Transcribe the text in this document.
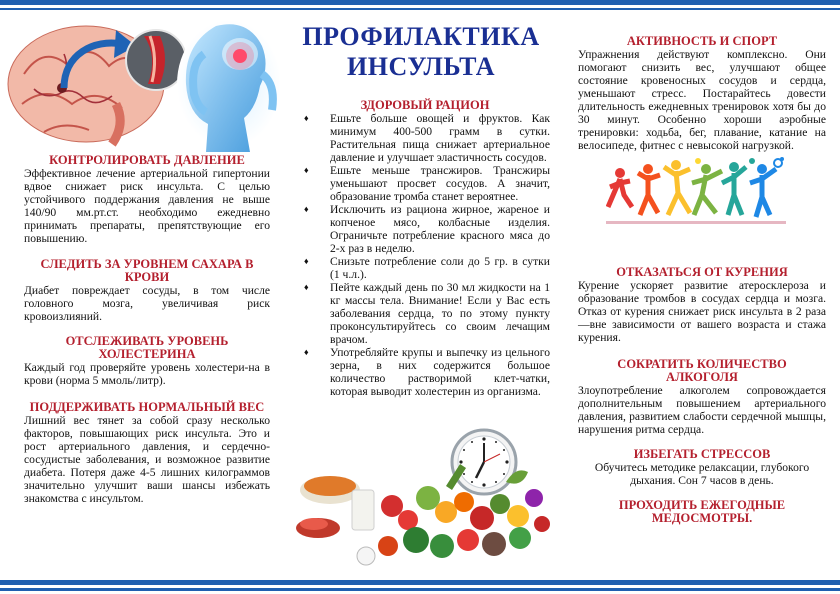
КОНТРОЛИРОВАТЬ ДАВЛЕНИЕ

Эффективное лечение артериальной гипертонии вдвое снижает риск инсульта. С целью устойчивого поддержания давления не выше 140/90 мм.рт.ст. необходимо ежедневно принимать препараты, препятствующие его повышению.

СЛЕДИТЬ ЗА УРОВНЕМ САХАРА В КРОВИ

Диабет повреждает сосуды, в том числе головного мозга, увеличивая риск кровоизлияний.

ОТСЛЕЖИВАТЬ УРОВЕНЬ ХОЛЕСТЕРИНА

Каждый год проверяйте уровень холестери-на в крови (норма 5 ммоль/литр).

ПОДДЕРЖИВАТЬ НОРМАЛЬНЫЙ ВЕС

Лишний вес тянет за собой сразу несколько факторов, повышающих риск инсульта. Это и рост артериального давления, и сердечно-сосудистые заболевания, и возможное развитие диабета. Потеря даже 4-5 лишних килограммов значительно улучшит ваши шансы избежать знакомства с инсультом.

ПРОФИЛАКТИКА
ИНСУЛЬТА

ЗДОРОВЫЙ РАЦИОН

♦ Ешьте больше овощей и фруктов. Как минимум 400-500 грамм в сутки. Растительная пища снижает артериальное давление и улучшает эластичность сосудов.
♦ Ешьте меньше трансжиров. Трансжиры уменьшают просвет сосудов. А значит, образование тромба станет вероятнее.
♦ Исключить из рациона жирное, жареное и копченое мясо, колбасные изделия. Ограничьте потребление красного мяса до 2-х раз в неделю.
♦ Снизьте потребление соли до 5 гр. в сутки (1 ч.л.).
♦ Пейте каждый день по 30 мл жидкости на 1 кг массы тела. Внимание! Если у Вас есть заболевания сердца, то по этому пункту проконсультируйтесь со своим лечащим врачом.
♦ Употребляйте крупы и выпечку из цельного зерна, в них содержится большое количество растворимой клет-чатки, которая выводит холестерин из организма.

АКТИВНОСТЬ И СПОРТ

Упражнения действуют комплексно. Они помогают снизить вес, улучшают общее состояние кровеносных сосудов и сердца, уменьшают стресс. Постарайтесь довести длительность ежедневных тренировок хотя бы до 30 минут. Особенно хороши аэробные тренировки: ходьба, бег, плавание, катание на велосипеде, фитнес с невысокой нагрузкой.

ОТКАЗАТЬСЯ ОТ КУРЕНИЯ

Курение ускоряет развитие атеросклероза и образование тромбов в сосудах сердца и мозга. Отказ от курения снижает риск инсульта в 2 раза—вне зависимости от вашего возраста и стажа курения.

СОКРАТИТЬ КОЛИЧЕСТВО АЛКОГОЛЯ

Злоупотребление алкоголем сопровождается дополнительным повышением артериального давления, развитием слабости сердечной мышцы, нарушения ритма сердца.

ИЗБЕГАТЬ СТРЕССОВ

Обучитесь методике релаксации, глубокого дыхания. Сон 7 часов в день.

ПРОХОДИТЬ ЕЖЕГОДНЫЕ МЕДОСМОТРЫ.
